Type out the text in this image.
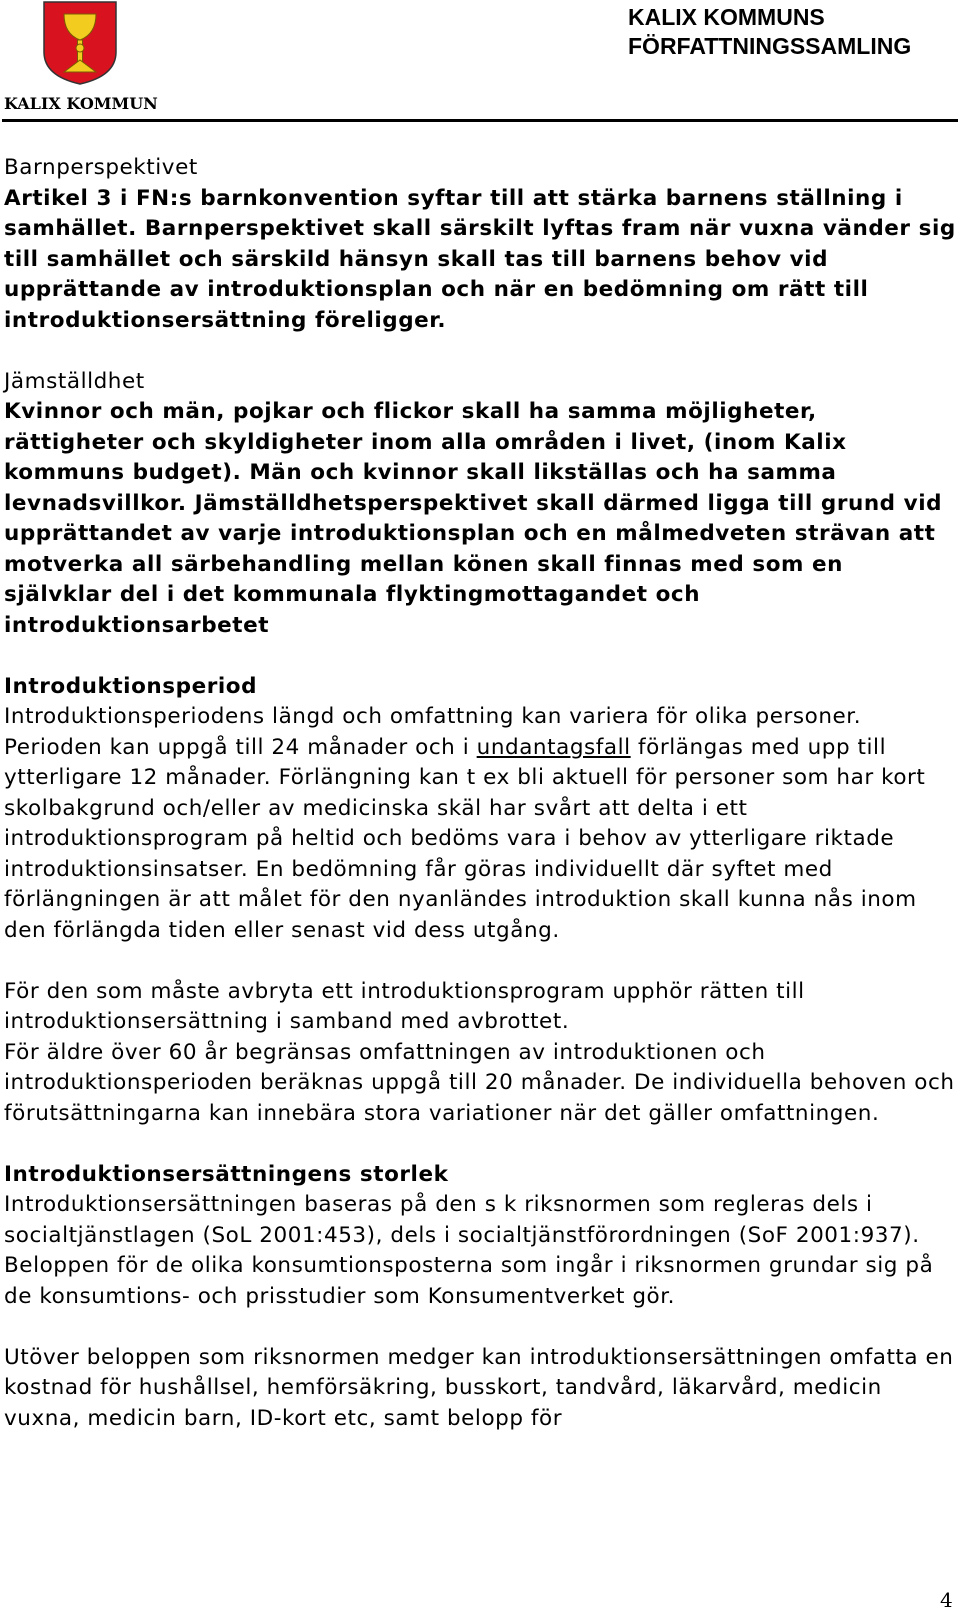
KALIX KOMMUN
KALIX KOMMUNS
FÖRFATTNINGSSAMLING

Barnperspektivet

Artikel 3 i FN:s barnkonvention syftar till att stärka barnens ställning i samhället. Barnperspektivet skall särskilt lyftas fram när vuxna vänder sig till samhället och särskild hänsyn skall tas till barnens behov vid upprättande av introduktionsplan och när en bedömning om rätt till introduktionsersättning föreligger.

Jämställdhet

Kvinnor och män, pojkar och flickor skall ha samma möjligheter, rättigheter och skyldigheter inom alla områden i livet, (inom Kalix kommuns budget). Män och kvinnor skall likställas och ha samma levnadsvillkor. Jämställdhetsperspektivet skall därmed ligga till grund vid upprättandet av varje introduktionsplan och en målmedveten strävan att motverka all särbehandling mellan könen skall finnas med som en självklar del i det kommunala flyktingmottagandet och introduktionsarbetet

Introduktionsperiod

Introduktionsperiodens längd och omfattning kan variera för olika personer. Perioden kan uppgå till 24 månader och i undantagsfall förlängas med upp till ytterligare 12 månader. Förlängning kan t ex bli aktuell för personer som har kort skolbakgrund och/eller av medicinska skäl har svårt att delta i ett introduktionsprogram på heltid och bedöms vara i behov av ytterligare riktade introduktionsinsatser. En bedömning får göras individuellt där syftet med förlängningen är att målet för den nyanländes introduktion skall kunna nås inom den förlängda tiden eller senast vid dess utgång.

För den som måste avbryta ett introduktionsprogram upphör rätten till introduktionsersättning i samband med avbrottet.

För äldre över 60 år begränsas omfattningen av introduktionen och introduktionsperioden beräknas uppgå till 20 månader. De individuella behoven och förutsättningarna kan innebära stora variationer när det gäller omfattningen.

Introduktionsersättningens storlek

Introduktionsersättningen baseras på den s k riksnormen som regleras dels i socialtjänstlagen (SoL 2001:453), dels i socialtjänstförordningen (SoF 2001:937). Beloppen för de olika konsumtionsposterna som ingår i riksnormen grundar sig på de konsumtions- och prisstudier som Konsumentverket gör.

Utöver beloppen som riksnormen medger kan introduktionsersättningen omfatta en kostnad för hushållsel, hemförsäkring, busskort, tandvård, läkarvård, medicin vuxna, medicin barn, ID-kort etc, samt belopp för

4
